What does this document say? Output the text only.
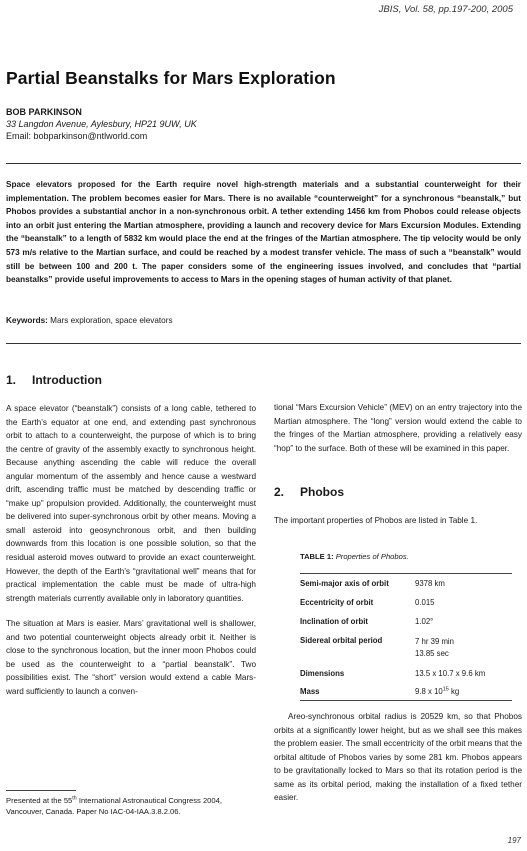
JBIS, Vol. 58, pp.197-200, 2005
Partial Beanstalks for Mars Exploration
BOB PARKINSON
33 Langdon Avenue, Aylesbury, HP21 9UW, UK
Email: bobparkinson@ntlworld.com

Space elevators proposed for the Earth require novel high-strength materials and a substantial counterweight for their implementation. The problem becomes easier for Mars. There is no available “counterweight” for a synchronous “beanstalk,” but Phobos provides a substantial anchor in a non-synchronous orbit. A tether extending 1456 km from Phobos could release objects into an orbit just entering the Martian atmosphere, providing a launch and recovery device for Mars Excursion Modules. Extending the “beanstalk” to a length of 5832 km would place the end at the fringes of the Martian atmosphere. The tip velocity would be only 573 m/s relative to the Martian surface, and could be reached by a modest transfer vehicle. The mass of such a “beanstalk” would still be between 100 and 200 t. The paper considers some of the engineering issues involved, and concludes that “partial beanstalks” provide useful improvements to access to Mars in the opening stages of human activity of that planet.

Keywords: Mars exploration, space elevators
1. Introduction

A space elevator (“beanstalk”) consists of a long cable, tethered to the Earth’s equator at one end, and extending past synchronous orbit to attach to a counterweight, the purpose of which is to bring the centre of gravity of the assembly exactly to synchronous height. Because anything ascending the cable will reduce the overall angular momentum of the assembly and hence cause a westward drift, ascending traffic must be matched by descending traffic or “make up” propulsion provided. Additionally, the counterweight must be delivered into super-synchronous orbit by other means. Moving a small asteroid into geosynchronous orbit, and then building downwards from this location is one possible solution, so that the residual asteroid moves outward to provide an exact counterweight. However, the depth of the Earth’s “gravitational well” means that for practical implementation the cable must be made of ultra-high strength materials currently available only in laboratory quantities.

The situation at Mars is easier. Mars’ gravitational well is shallower, and two potential counterweight objects already orbit it. Neither is close to the synchronous location, but the inner moon Phobos could be used as the counterweight to a “partial beanstalk”. Two possibilities exist. The “short” version would extend a cable Mars-ward sufficiently to launch a conven-

tional “Mars Excursion Vehicle” (MEV) on an entry trajectory into the Martian atmosphere. The “long” version would extend the cable to the fringes of the Martian atmosphere, providing a relatively easy “hop” to the surface. Both of these will be examined in this paper.

2. Phobos

The important properties of Phobos are listed in Table 1.

TABLE 1: Properties of Phobos.
Semi-major axis of orbit	9378 km
Eccentricity of orbit	0.015
Inclination of orbit	1.02°
Sidereal orbital period	7 hr 39 min
13.85 sec

Dimensions	13.5 x 10.7 x 9.6 km
Mass	9.8 x $10^{15}$ kg

Areo-synchronous orbital radius is 20529 km, so that Phobos orbits at a significantly lower height, but as we shall see this makes the problem easier. The small eccentricity of the orbit means that the orbital altitude of Phobos varies by some 281 km. Phobos appears to be gravitationally locked to Mars so that its rotation period is the same as its orbital period, making the installation of a fixed tether easier.

Presented at the 55th International Astronautical Congress 2004, Vancouver, Canada. Paper No IAC-04-IAA.3.8.2.06.
197
